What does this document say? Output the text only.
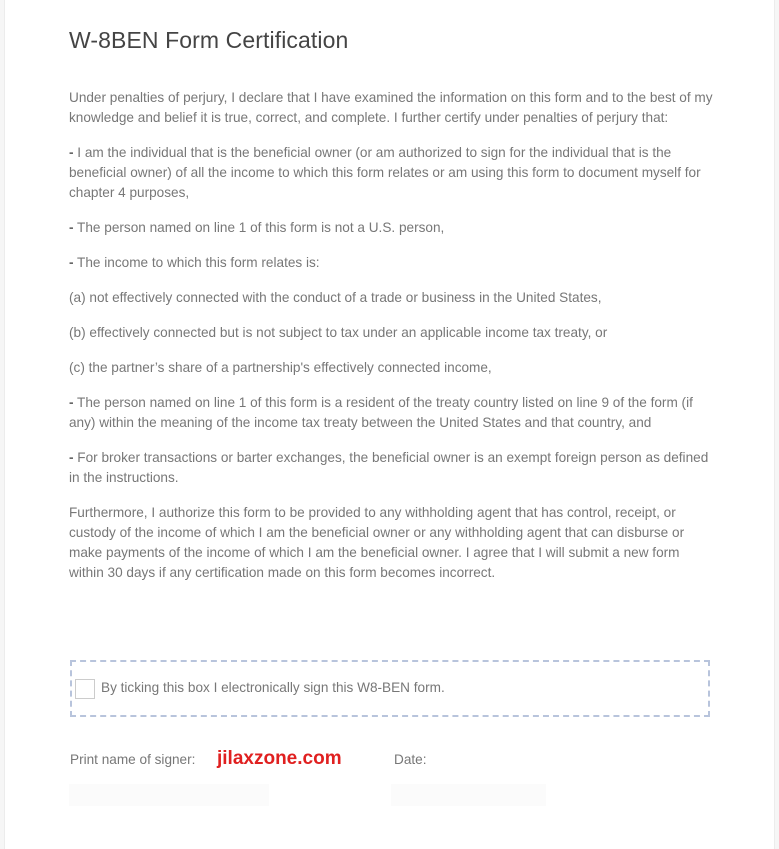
W-8BEN Form Certification

Under penalties of perjury, I declare that I have examined the information on this form and to the best of my knowledge and belief it is true, correct, and complete. I further certify under penalties of perjury that:

- I am the individual that is the beneficial owner (or am authorized to sign for the individual that is the beneficial owner) of all the income to which this form relates or am using this form to document myself for chapter 4 purposes,

- The person named on line 1 of this form is not a U.S. person,

- The income to which this form relates is:

(a) not effectively connected with the conduct of a trade or business in the United States,

(b) effectively connected but is not subject to tax under an applicable income tax treaty, or

(c) the partner’s share of a partnership's effectively connected income,

- The person named on line 1 of this form is a resident of the treaty country listed on line 9 of the form (if any) within the meaning of the income tax treaty between the United States and that country, and

- For broker transactions or barter exchanges, the beneficial owner is an exempt foreign person as defined in the instructions.

Furthermore, I authorize this form to be provided to any withholding agent that has control, receipt, or custody of the income of which I am the beneficial owner or any withholding agent that can disburse or make payments of the income of which I am the beneficial owner. I agree that I will submit a new form within 30 days if any certification made on this form becomes incorrect.

By ticking this box I electronically sign this W8-BEN form.
Print name of signer: jilaxzone.com	Date:
